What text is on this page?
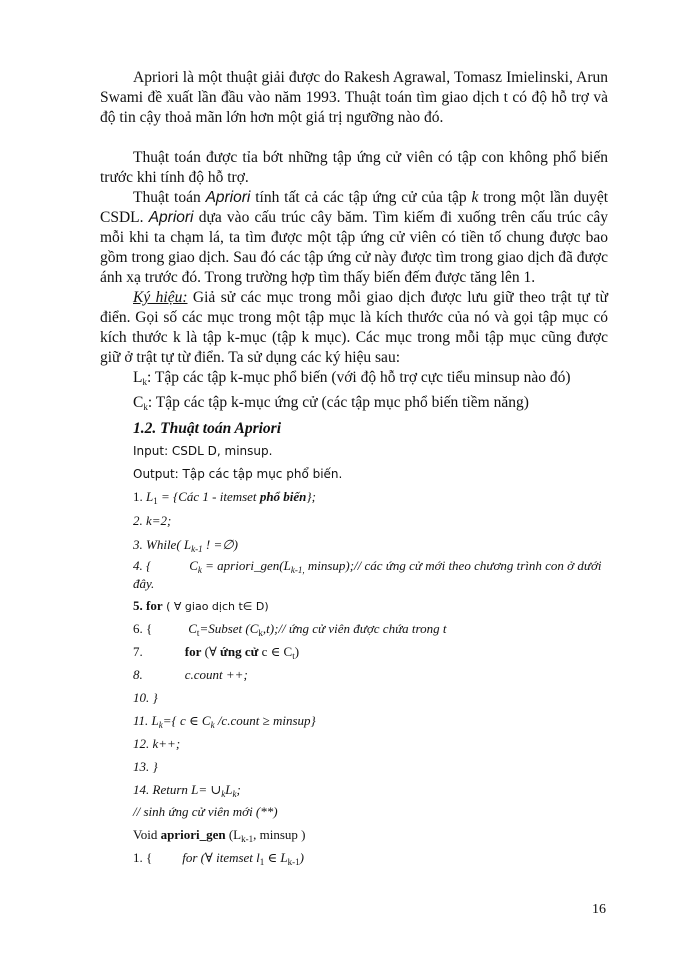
Apriori là một thuật giải được do Rakesh Agrawal, Tomasz Imielinski, Arun Swami đề xuất lần đầu vào năm 1993. Thuật toán tìm giao dịch t có độ hỗ trợ và độ tin cậy thoả mãn lớn hơn một giá trị ngưỡng nào đó.

Thuật toán được tỉa bớt những tập ứng cử viên có tập con không phổ biến trước khi tính độ hỗ trợ.

Thuật toán Apriori tính tất cả các tập ứng cử của tập k trong một lần duyệt CSDL. Apriori dựa vào cấu trúc cây băm. Tìm kiếm đi xuống trên cấu trúc cây mỗi khi ta chạm lá, ta tìm được một tập ứng cử viên có tiền tố chung được bao gồm trong giao dịch. Sau đó các tập ứng cử này được tìm trong giao dịch đã được ánh xạ trước đó. Trong trường hợp tìm thấy biến đếm được tăng lên 1.

Ký hiệu: Giả sử các mục trong mỗi giao dịch được lưu giữ theo trật tự từ điển. Gọi số các mục trong một tập mục là kích thước của nó và gọi tập mục có kích thước k là tập k-mục (tập k mục). Các mục trong mỗi tập mục cũng được giữ ở trật tự từ điển. Ta sử dụng các ký hiệu sau:

$L_k$: Tập các tập k-mục phổ biến (với độ hỗ trợ cực tiểu minsup nào đó)
$C_k$: Tập các tập k-mục ứng cử (các tập mục phổ biến tiềm năng)
1.2. Thuật toán Apriori
Input: CSDL D, minsup.
Output: Tập các tập mục phổ biến.
1. $L_1$ = {Các 1 - itemset phổ biến};
2. k=2;
3. While( $L_{k-1}$ ! =∅)
4. {	$C_k$ = $apriori\_gen(L_{k-1,}$ minsup);// các ứng cử mới theo chương trình con ở dưới đây.
5. for ( ∀ giao dịch t∈ D)
6. {	$C_t=Subset$ $(C_k,t);//$ ứng cử viên được chứa trong t
7.	for (∀ ứng cử c ∈ $C_t$)
8.	c.count ++;
10. }
11. $L_k=${ c ∈ $C_k$ /c.count ≥ minsup}
12. k++;
13. }
14. Return $L= \cup_kL_k$;
// sinh ứng cử viên mới (**)
Void apriori_gen ($L_{k-1}$, minsup )
1. { for (∀ itemset $l_1$ ∈ $L_{k-1}$)
16
